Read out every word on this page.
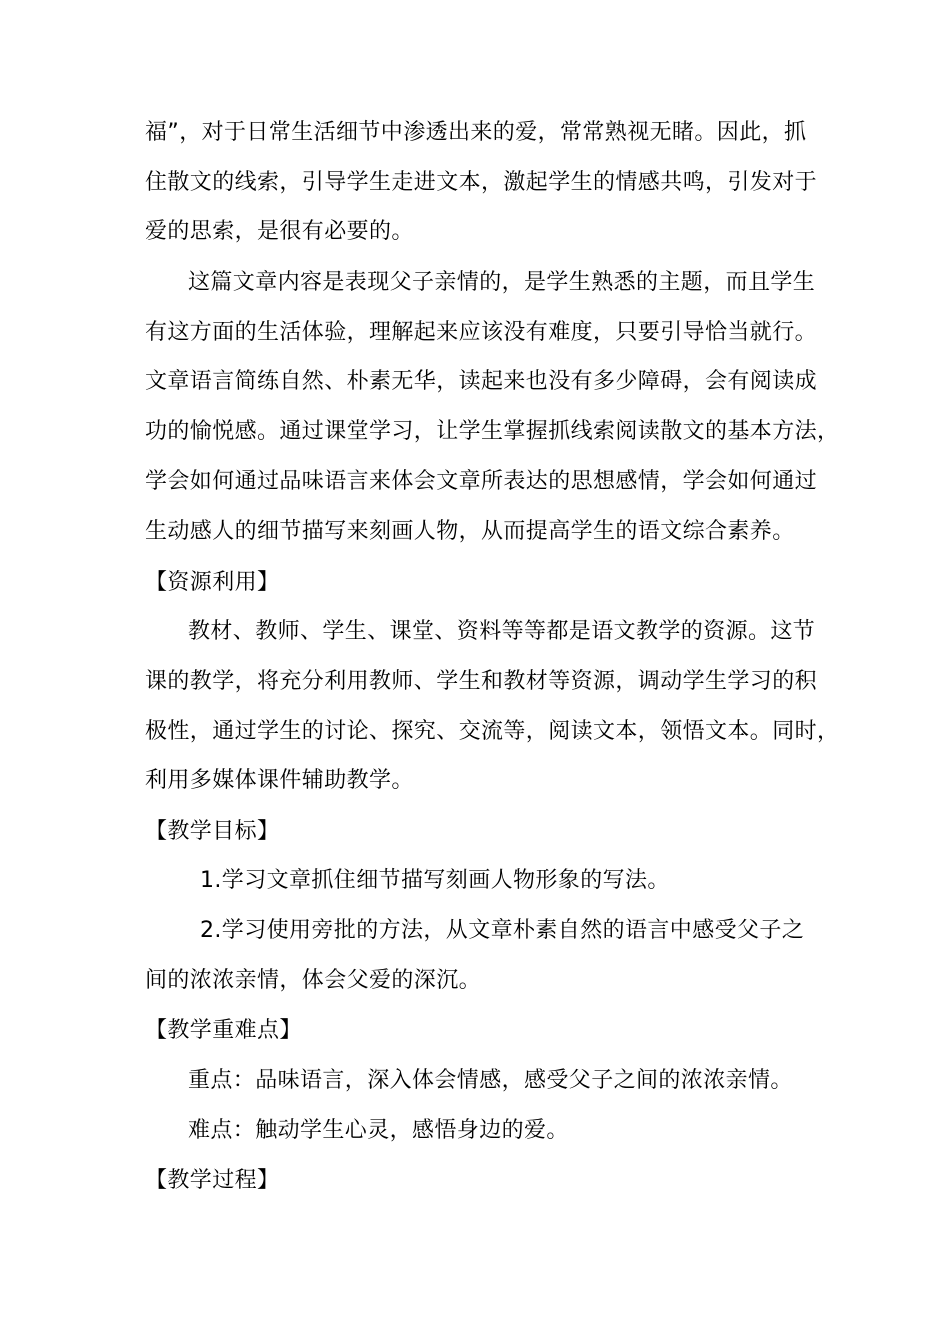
福”，对于日常生活细节中渗透出来的爱，常常熟视无睹。因此，抓
住散文的线索，引导学生走进文本，激起学生的情感共鸣，引发对于
爱的思索，是很有必要的。
这篇文章内容是表现父子亲情的，是学生熟悉的主题，而且学生
有这方面的生活体验，理解起来应该没有难度，只要引导恰当就行。
文章语言简练自然、朴素无华，读起来也没有多少障碍，会有阅读成
功的愉悦感。通过课堂学习，让学生掌握抓线索阅读散文的基本方法，
学会如何通过品味语言来体会文章所表达的思想感情，学会如何通过
生动感人的细节描写来刻画人物，从而提高学生的语文综合素养。
【资源利用】
教材、教师、学生、课堂、资料等等都是语文教学的资源。这节
课的教学，将充分利用教师、学生和教材等资源，调动学生学习的积
极性，通过学生的讨论、探究、交流等，阅读文本，领悟文本。同时，
利用多媒体课件辅助教学。
【教学目标】
1.学习文章抓住细节描写刻画人物形象的写法。
2.学习使用旁批的方法，从文章朴素自然的语言中感受父子之
间的浓浓亲情，体会父爱的深沉。
【教学重难点】
重点：品味语言，深入体会情感，感受父子之间的浓浓亲情。
难点：触动学生心灵，感悟身边的爱。
【教学过程】
